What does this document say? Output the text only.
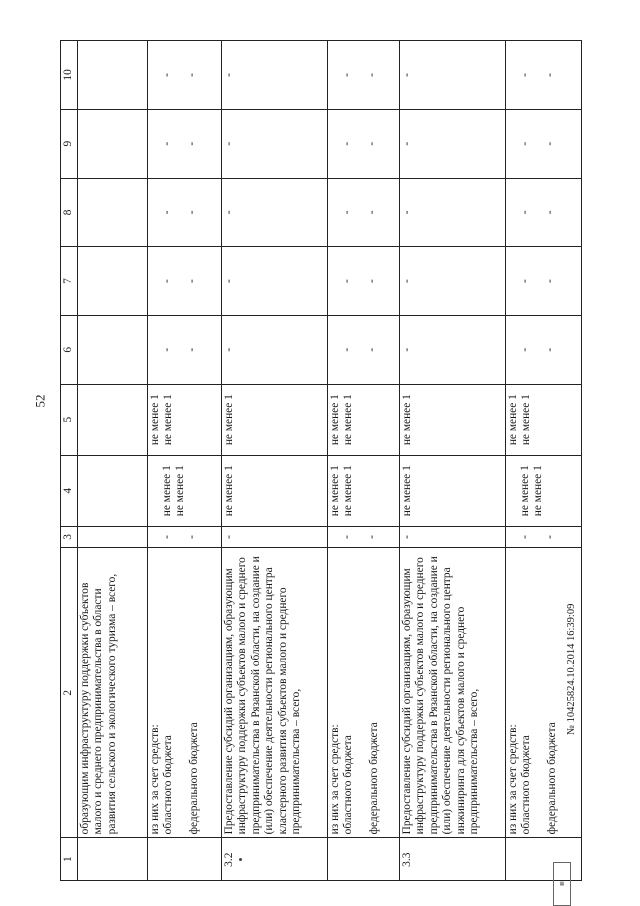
52
1	2	3	4	5	6	7	8	9	10
	образующим инфраструктуру поддержки субъектов малого и среднего предпринимательства в области развития сельского и экологического туризма – всего,								

	из них за счет средств: областного бюджета федерального бюджета	- -	не менее 1 не менее 1	не менее 1 не менее 1	- -	- -	- -	- -	- -

3.2	Предоставление субсидий организациям, образующим инфраструктуру поддержки субъектов малого и среднего предпринимательства в Рязанской области, на создание и (или) обеспечение деятельности регионального центра кластерного развития субъектов малого и среднего предпринимательства – всего,	-	не менее 1	не менее 1	-	-	-	-	-

	из них за счет средств: областного бюджета федерального бюджета	- -	не менее 1 не менее 1	не менее 1 не менее 1	- -	- -	- -	- -	- -

3.3	Предоставление субсидий организациям, образующим инфраструктуру поддержки субъектов малого и среднего предпринимательства в Рязанской области, на создание и (или) обеспечение деятельности регионального центра инжиниринга для субъектов малого и среднего предпринимательства – всего,	-	не менее 1	не менее 1	-	-	-	-	-

	из них за счет средств: областного бюджета федерального бюджета	- -	не менее 1 не менее 1	не менее 1 не менее 1	- -	- -	- -	- -	- -
▦
№ 10425824.10.2014 16:39:09
